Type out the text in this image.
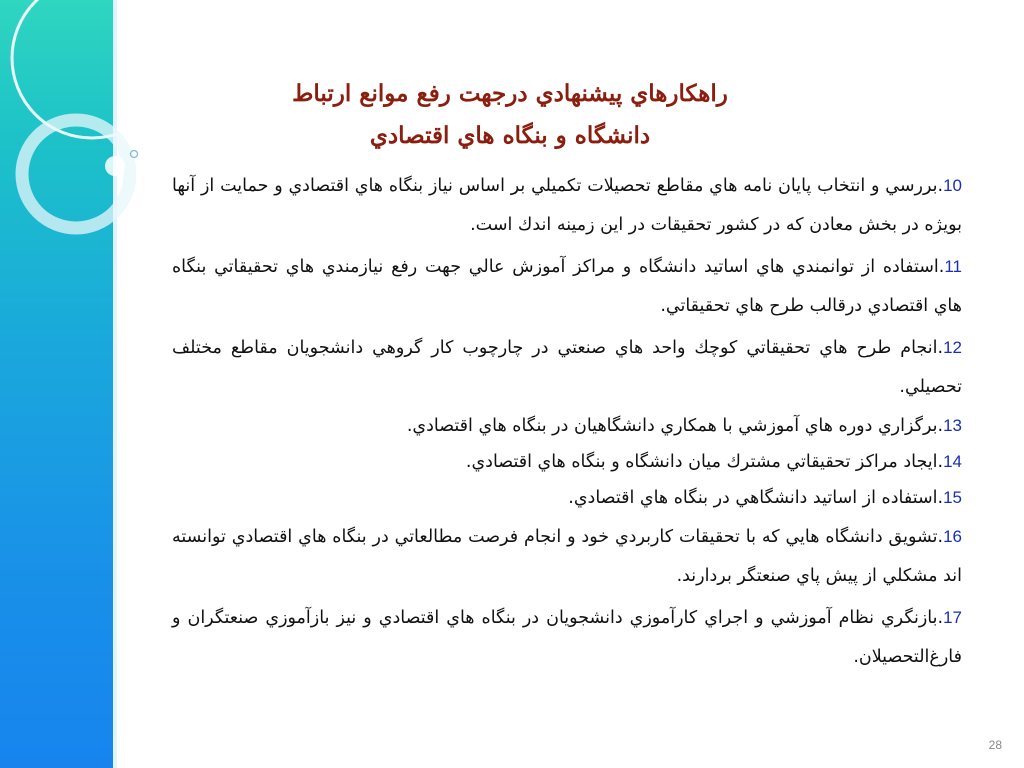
راهكارهاي پيشنهادي درجهت رفع موانع ارتباط
دانشگاه و بنگاه هاي اقتصادي
10.بررسي و انتخاب پايان نامه هاي مقاطع تحصيلات تكميلي بر اساس نياز بنگاه هاي اقتصادي و حمايت از آنها بويژه در بخش معادن كه در كشور تحقيقات در اين زمينه اندك است.
11.استفاده از توانمندي هاي اساتيد دانشگاه و مراكز آموزش عالي جهت رفع نيازمندي هاي تحقيقاتي بنگاه هاي اقتصادي درقالب طرح هاي تحقيقاتي.
12.انجام طرح هاي تحقيقاتي كوچك واحد هاي صنعتي در چارچوب كار گروهي دانشجويان مقاطع مختلف تحصيلي.
13.برگزاري دوره هاي آموزشي با همكاري دانشگاهيان در بنگاه هاي اقتصادي.
14.ايجاد مراكز تحقيقاتي مشترك ميان دانشگاه و بنگاه هاي اقتصادي.
15.استفاده از اساتيد دانشگاهي در بنگاه هاي اقتصادي.
16.تشويق دانشگاه هايي كه با تحقيقات كاربردي خود و انجام فرصت مطالعاتي در بنگاه هاي اقتصادي توانسته اند مشكلي از پيش پاي صنعتگر بردارند.
17.بازنگري نظام آموزشي و اجراي كارآموزي دانشجويان در بنگاه هاي اقتصادي و نيز بازآموزي صنعتگران و فارغ‌التحصيلان.
28
